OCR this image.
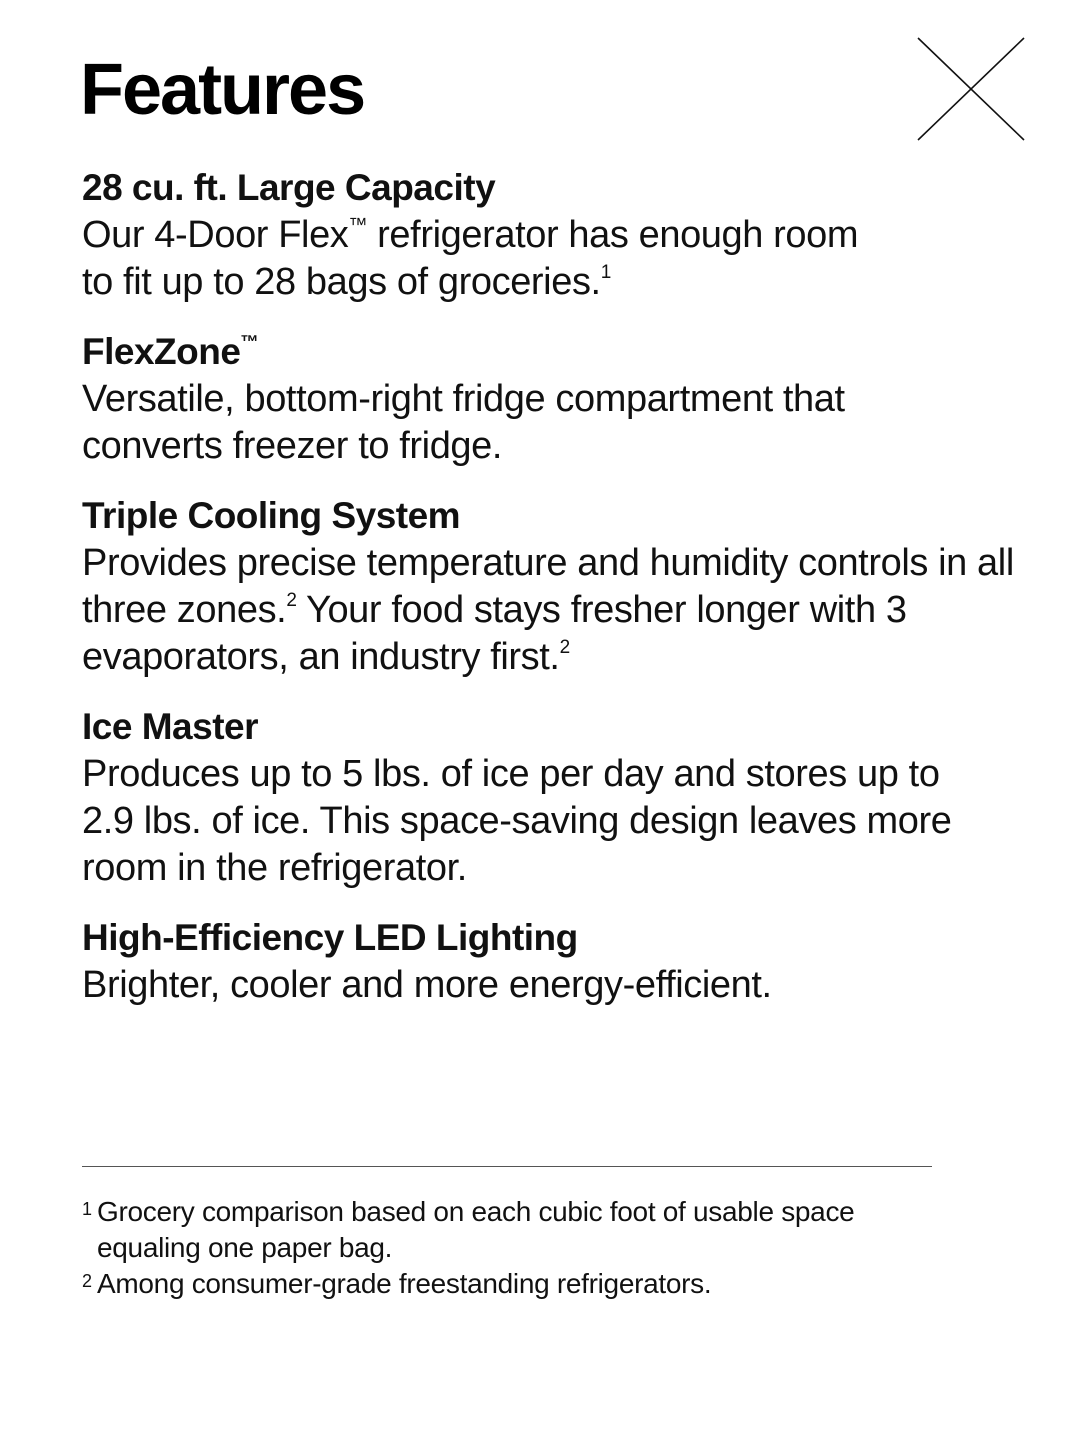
Features

28 cu. ft. Large Capacity

Our 4-Door Flex™ refrigerator has enough room
to fit up to 28 bags of groceries.$^1$

FlexZone™

Versatile, bottom-right fridge compartment that converts freezer to fridge.

Triple Cooling System

Provides precise temperature and humidity controls in all three zones.$^2$ Your food stays fresher longer with 3 evaporators, an industry first.$^2$

Ice Master

Produces up to 5 lbs. of ice per day and stores up to 2.9 lbs. of ice. This space-saving design leaves more room in the refrigerator.

High-Efficiency LED Lighting

Brighter, cooler and more energy-efficient.

1 Grocery comparison based on each cubic foot of usable space equaling one paper bag.
2 Among consumer-grade freestanding refrigerators.
